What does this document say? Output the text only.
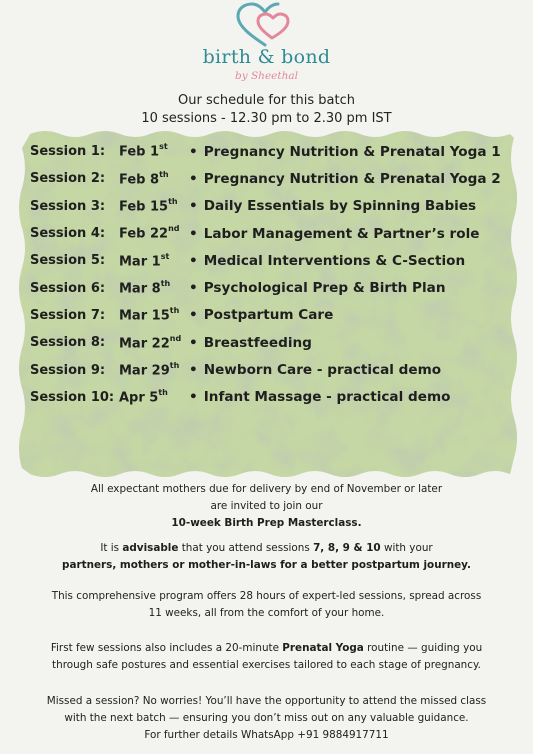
birth & bond
by Sheethal
Our schedule for this batch
10 sessions - 12.30 pm to 2.30 pm IST
Session 1:	Feb 1st	• Pregnancy Nutrition & Prenatal Yoga 1
Session 2:	Feb 8th	• Pregnancy Nutrition & Prenatal Yoga 2
Session 3:	Feb 15th	• Daily Essentials by Spinning Babies
Session 4:	Feb 22nd	• Labor Management & Partner’s role
Session 5:	Mar 1st	• Medical Interventions & C-Section
Session 6:	Mar 8th	• Psychological Prep & Birth Plan
Session 7:	Mar 15th	• Postpartum Care
Session 8:	Mar 22nd	• Breastfeeding
Session 9:	Mar 29th	• Newborn Care - practical demo
Session 10: Apr 5th	• Infant Massage - practical demo
All expectant mothers due for delivery by end of November or later
are invited to join our
10-week Birth Prep Masterclass.
It is advisable that you attend sessions 7, 8, 9 & 10 with your
partners, mothers or mother-in-laws for a better postpartum journey.
This comprehensive program offers 28 hours of expert-led sessions, spread across
11 weeks, all from the comfort of your home.
First few sessions also includes a 20-minute Prenatal Yoga routine — guiding you
through safe postures and essential exercises tailored to each stage of pregnancy.
Missed a session? No worries! You’ll have the opportunity to attend the missed class
with the next batch — ensuring you don’t miss out on any valuable guidance.
For further details WhatsApp +91 9884917711
